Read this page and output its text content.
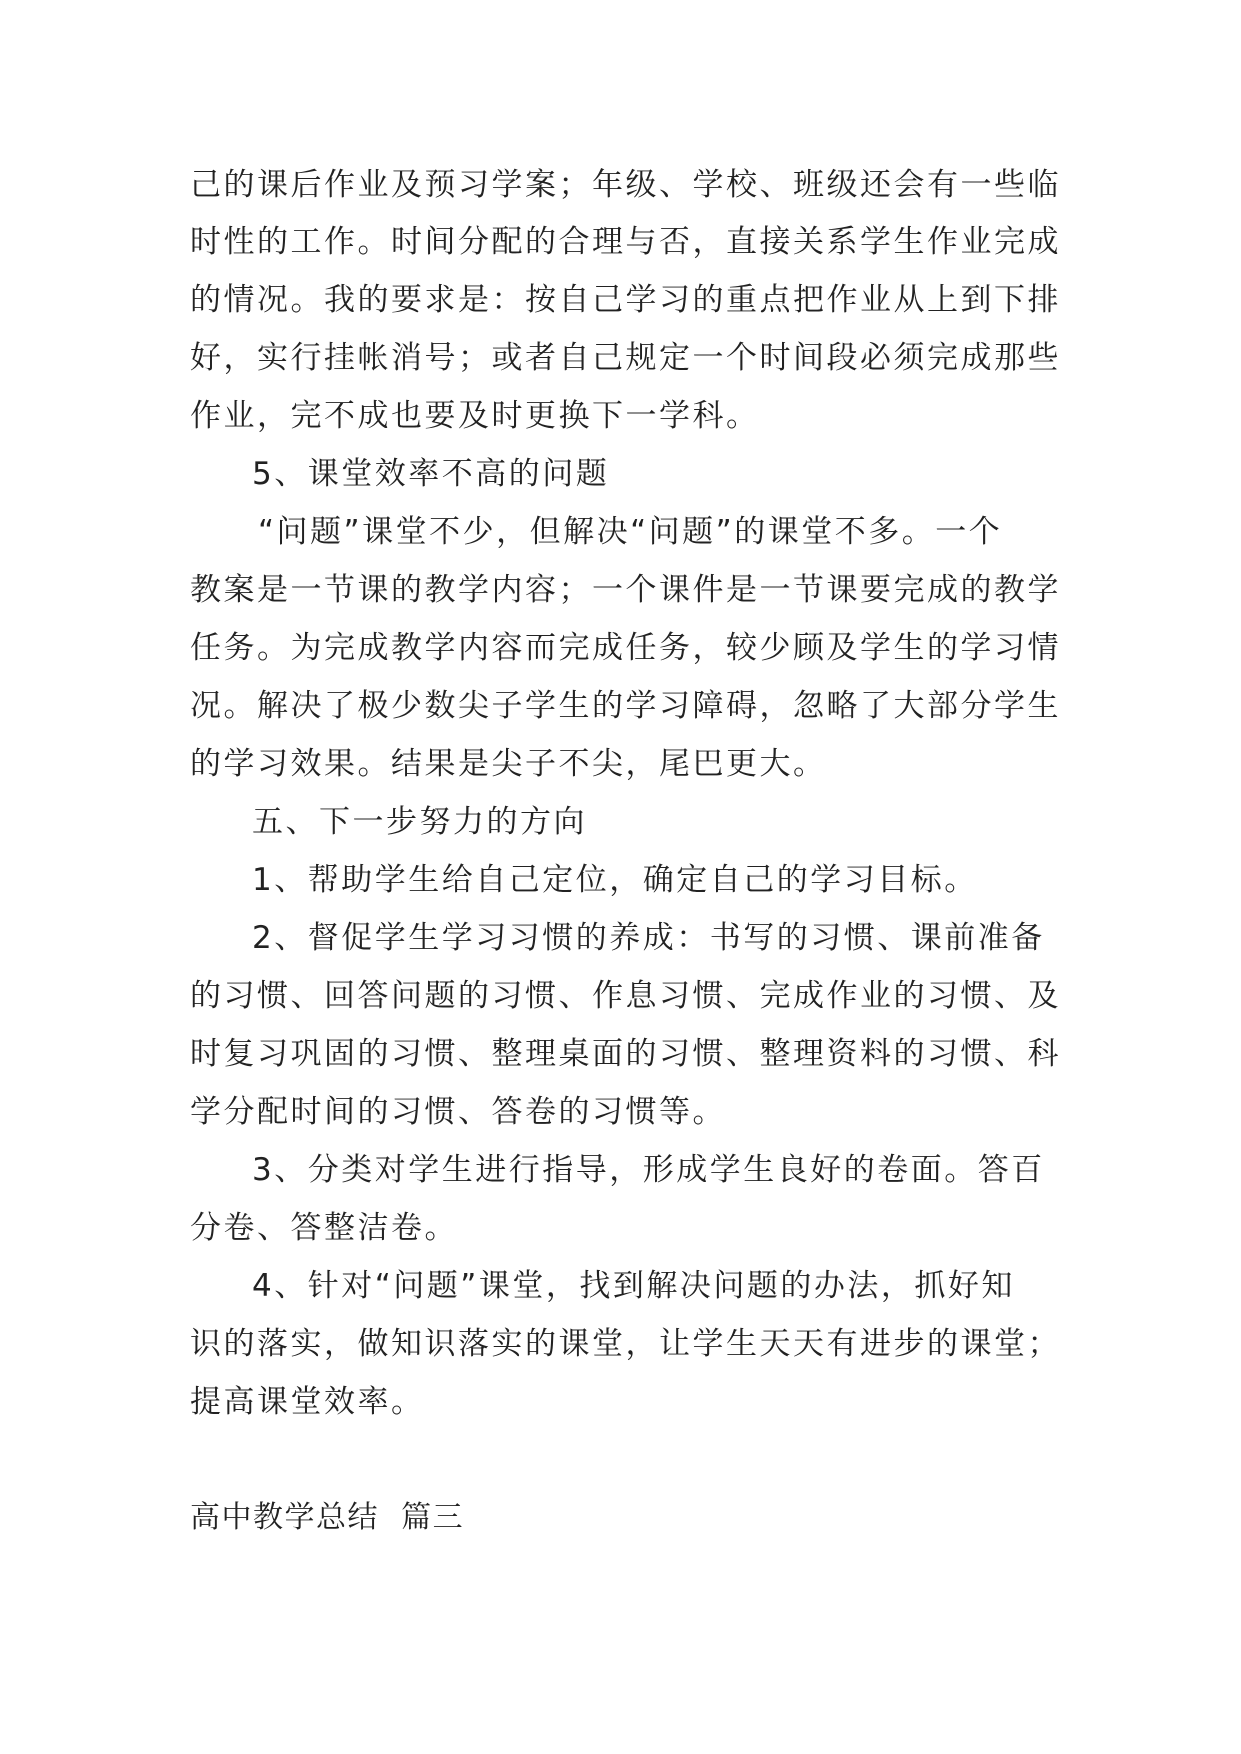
己的课后作业及预习学案；年级、学校、班级还会有一些临
时性的工作。时间分配的合理与否，直接关系学生作业完成
的情况。我的要求是：按自己学习的重点把作业从上到下排
好，实行挂帐消号；或者自己规定一个时间段必须完成那些
作业，完不成也要及时更换下一学科。
5、课堂效率不高的问题
“问题”课堂不少，但解决“问题”的课堂不多。一个
教案是一节课的教学内容；一个课件是一节课要完成的教学
任务。为完成教学内容而完成任务，较少顾及学生的学习情
况。解决了极少数尖子学生的学习障碍，忽略了大部分学生
的学习效果。结果是尖子不尖，尾巴更大。
五、下一步努力的方向
1、帮助学生给自己定位，确定自己的学习目标。
2、督促学生学习习惯的养成：书写的习惯、课前准备
的习惯、回答问题的习惯、作息习惯、完成作业的习惯、及
时复习巩固的习惯、整理桌面的习惯、整理资料的习惯、科
学分配时间的习惯、答卷的习惯等。
3、分类对学生进行指导，形成学生良好的卷面。答百
分卷、答整洁卷。
4、针对“问题”课堂，找到解决问题的办法，抓好知
识的落实，做知识落实的课堂，让学生天天有进步的课堂；
提高课堂效率。
高中教学总结  篇三
